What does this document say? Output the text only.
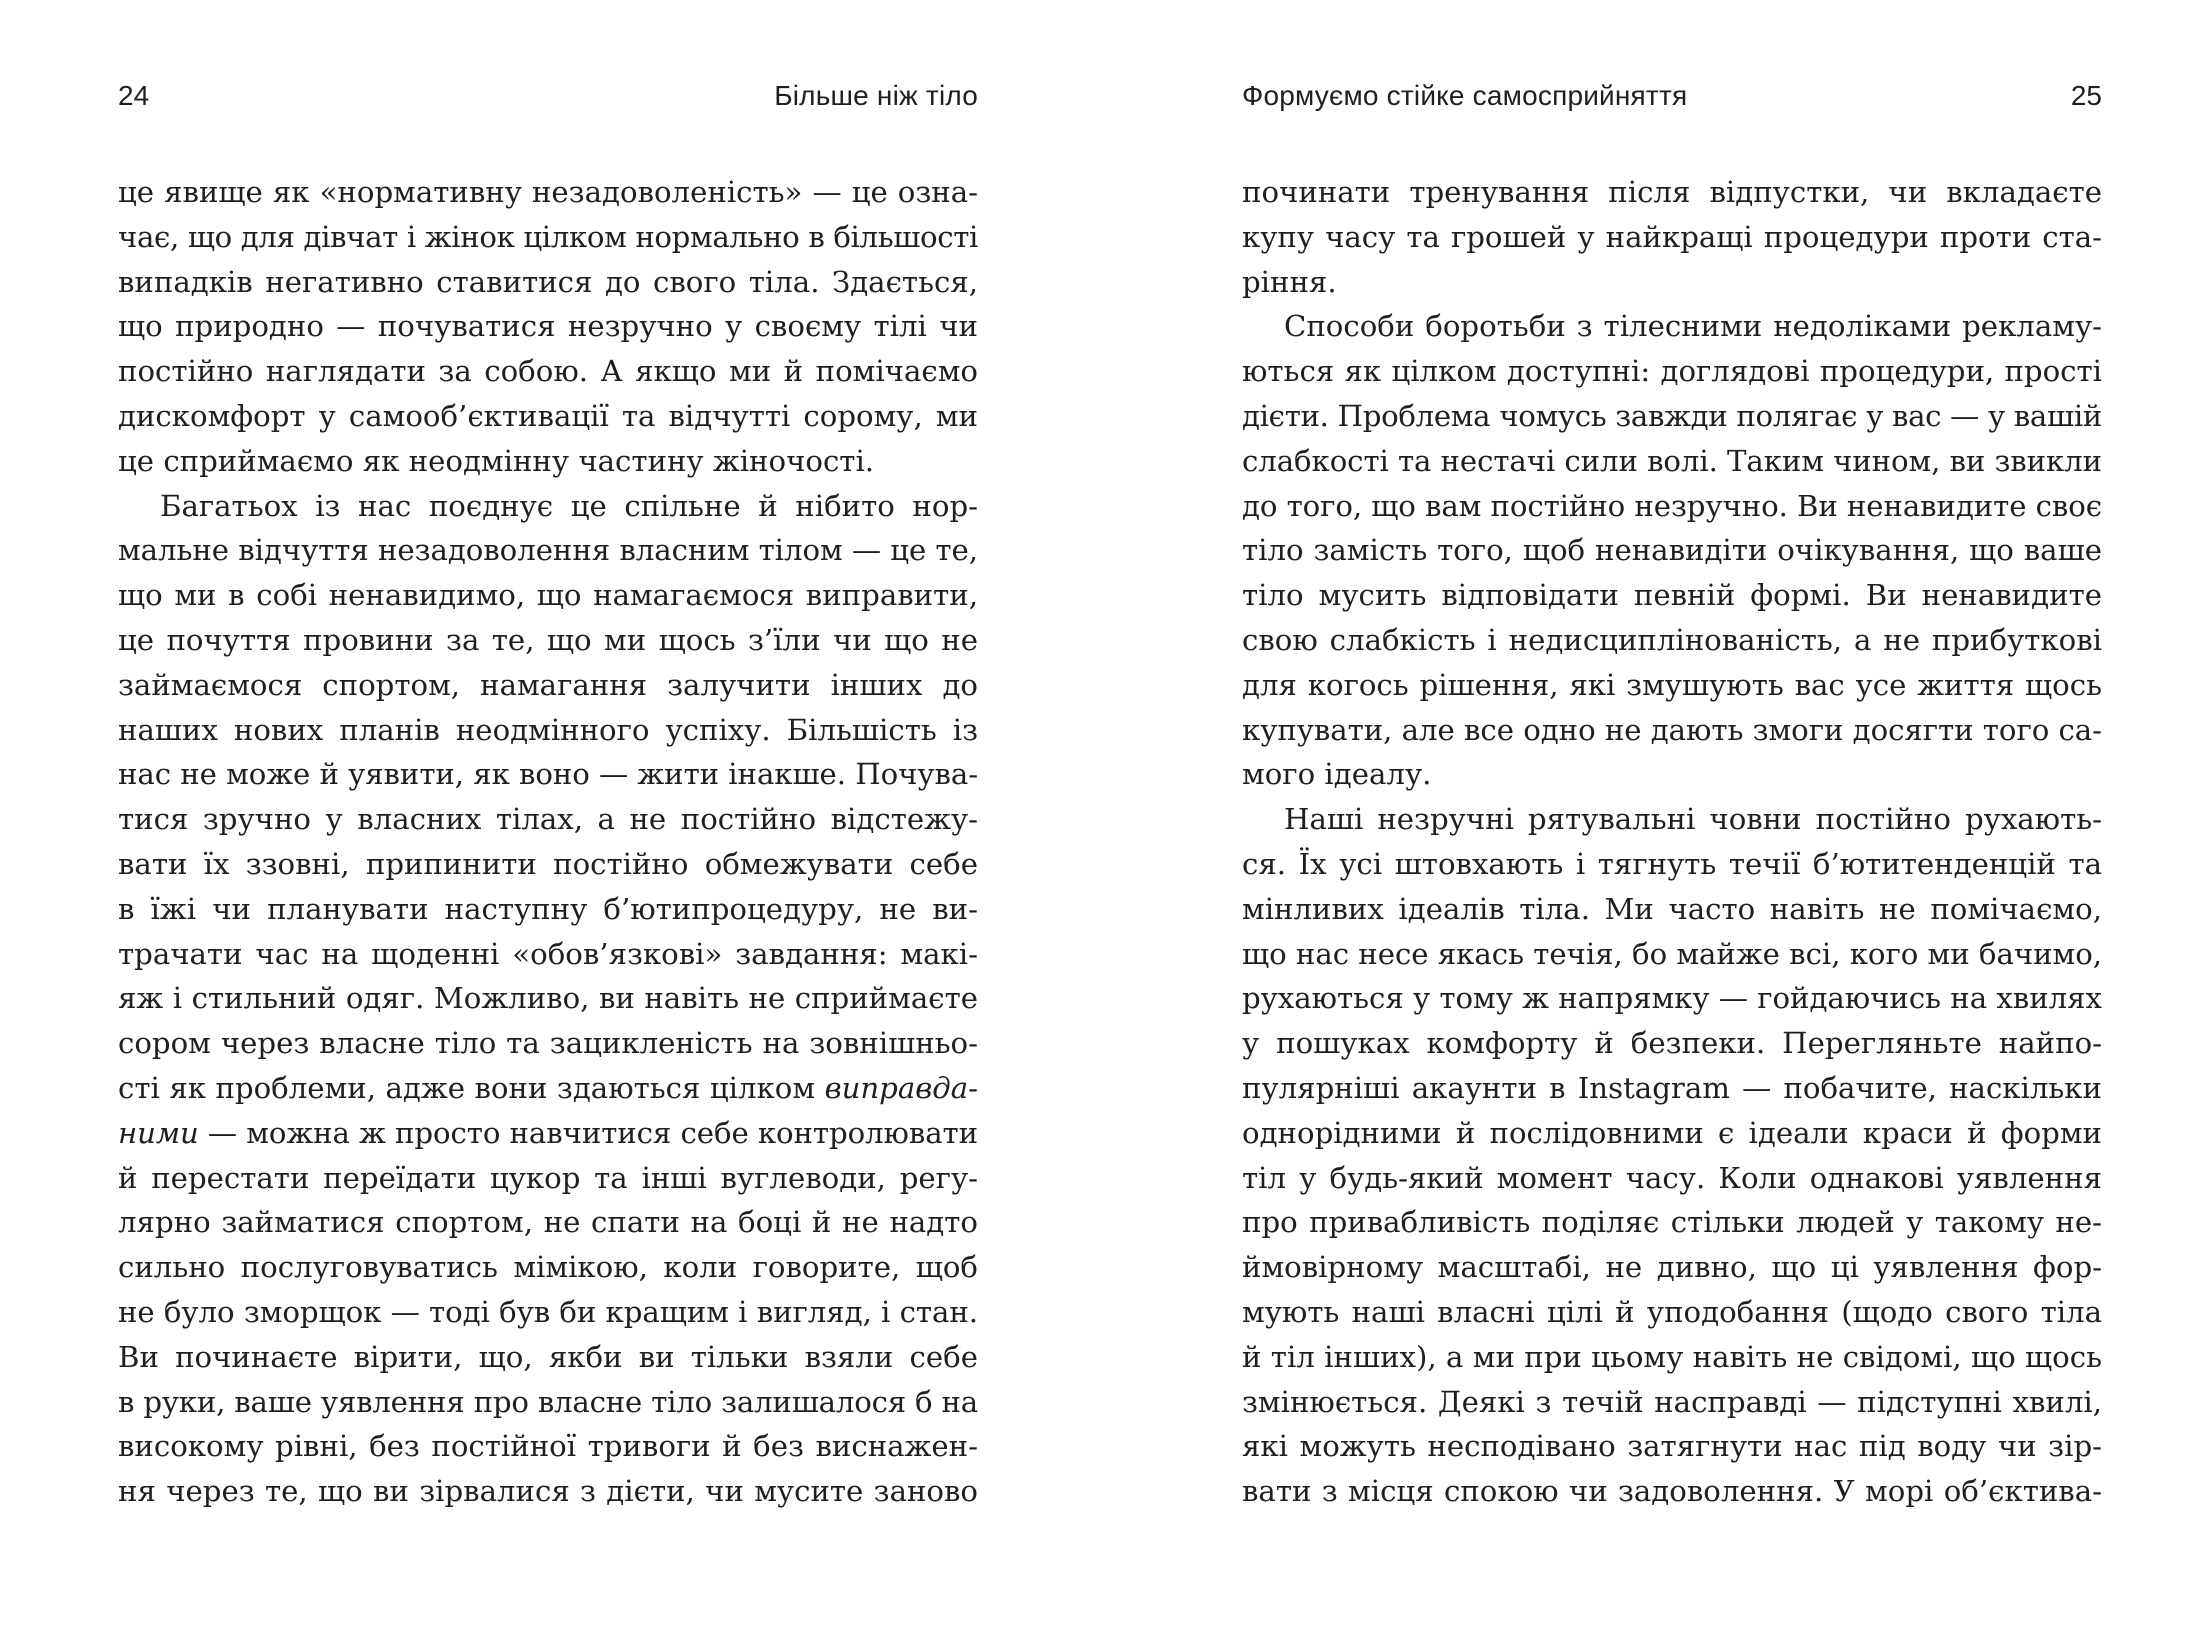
24	Більше ніж тіло
це явище як «нормативну незадоволеність» — це озна-
чає, що для дівчат і жінок цілком нормально в більшості
випадків негативно ставитися до свого тіла. Здається,
що природно — почуватися незручно у своєму тілі чи
постійно наглядати за собою. А якщо ми й помічаємо
дискомфорт у самооб’єктивації та відчутті сорому, ми
це сприймаємо як неодмінну частину жіночості.
Багатьох із нас поєднує це спільне й нібито нор-
мальне відчуття незадоволення власним тілом — це те,
що ми в собі ненавидимо, що намагаємося виправити,
це почуття провини за те, що ми щось з’їли чи що не
займаємося спортом, намагання залучити інших до
наших нових планів неодмінного успіху. Більшість із
нас не може й уявити, як воно — жити інакше. Почува-
тися зручно у власних тілах, а не постійно відстежу-
вати їх ззовні, припинити постійно обмежувати себе
в їжі чи планувати наступну б’ютипроцедуру, не ви-
трачати час на щоденні «обов’язкові» завдання: макі-
яж і стильний одяг. Можливо, ви навіть не сприймаєте
сором через власне тіло та зацикленість на зовнішньо-
сті як проблеми, адже вони здаються цілком виправда-
ними — можна ж просто навчитися себе контролювати
й перестати переїдати цукор та інші вуглеводи, регу-
лярно займатися спортом, не спати на боці й не надто
сильно послуговуватись мімікою, коли говорите, щоб
не було зморщок — тоді був би кращим і вигляд, і стан.
Ви починаєте вірити, що, якби ви тільки взяли себе
в руки, ваше уявлення про власне тіло залишалося б на
високому рівні, без постійної тривоги й без виснажен-
ня через те, що ви зірвалися з дієти, чи мусите заново
Формуємо стійке самосприйняття	25
починати тренування після відпустки, чи вкладаєте
купу часу та грошей у найкращі процедури проти ста-
ріння.
Способи боротьби з тілесними недоліками рекламу-
ються як цілком доступні: доглядові процедури, прості
дієти. Проблема чомусь завжди полягає у вас — у вашій
слабкості та нестачі сили волі. Таким чином, ви звикли
до того, що вам постійно незручно. Ви ненавидите своє
тіло замість того, щоб ненавидіти очікування, що ваше
тіло мусить відповідати певній формі. Ви ненавидите
свою слабкість і недисциплінованість, а не прибуткові
для когось рішення, які змушують вас усе життя щось
купувати, але все одно не дають змоги досягти того са-
мого ідеалу.
Наші незручні рятувальні човни постійно рухають-
ся. Їх усі штовхають і тягнуть течії б’ютитенденцій та
мінливих ідеалів тіла. Ми часто навіть не помічаємо,
що нас несе якась течія, бо майже всі, кого ми бачимо,
рухаються у тому ж напрямку — гойдаючись на хвилях
у пошуках комфорту й безпеки. Перегляньте найпо-
пулярніші акаунти в Instagram — побачите, наскільки
однорідними й послідовними є ідеали краси й форми
тіл у будь-який момент часу. Коли однакові уявлення
про привабливість поділяє стільки людей у такому не-
ймовірному масштабі, не дивно, що ці уявлення фор-
мують наші власні цілі й уподобання (щодо свого тіла
й тіл інших), а ми при цьому навіть не свідомі, що щось
змінюється. Деякі з течій насправді — підступні хвилі,
які можуть несподівано затягнути нас під воду чи зір-
вати з місця спокою чи задоволення. У морі об’єктива-
